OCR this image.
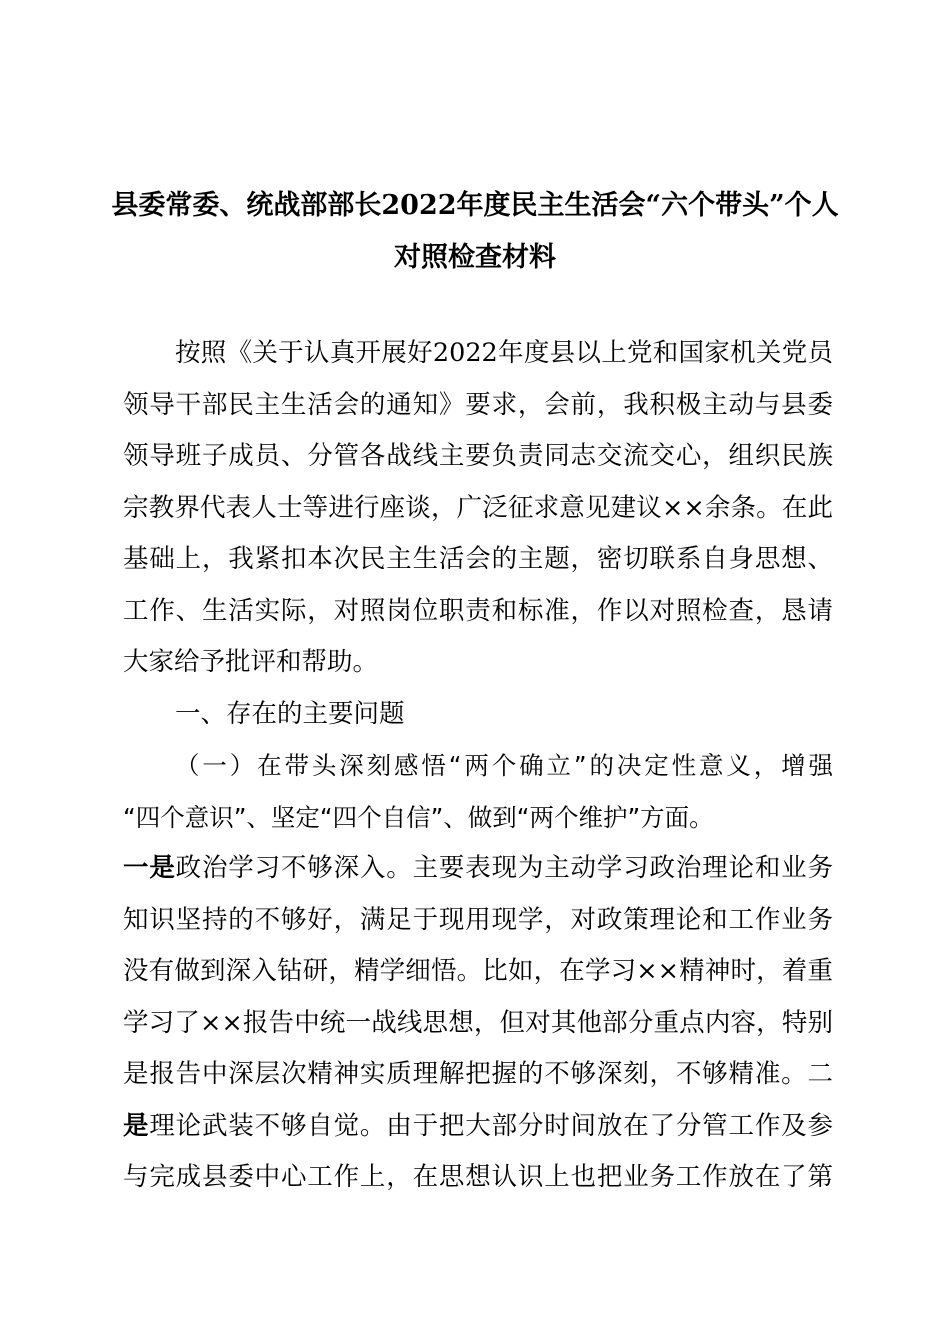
县委常委、统战部部长2022年度民主生活会“六个带头”个人
对照检查材料
按照《关于认真开展好2022年度县以上党和国家机关党员
领导干部民主生活会的通知》要求，会前，我积极主动与县委
领导班子成员、分管各战线主要负责同志交流交心，组织民族
宗教界代表人士等进行座谈，广泛征求意见建议××余条。在此
基础上，我紧扣本次民主生活会的主题，密切联系自身思想、
工作、生活实际，对照岗位职责和标准，作以对照检查，恳请
大家给予批评和帮助。
一、存在的主要问题
（一）在带头深刻感悟“两个确立”的决定性意义，增强
“四个意识”、坚定“四个自信”、做到“两个维护”方面。
一是政治学习不够深入。主要表现为主动学习政治理论和业务
知识坚持的不够好，满足于现用现学，对政策理论和工作业务
没有做到深入钻研，精学细悟。比如，在学习××精神时，着重
学习了××报告中统一战线思想，但对其他部分重点内容，特别
是报告中深层次精神实质理解把握的不够深刻，不够精准。二
是理论武装不够自觉。由于把大部分时间放在了分管工作及参
与完成县委中心工作上，在思想认识上也把业务工作放在了第
